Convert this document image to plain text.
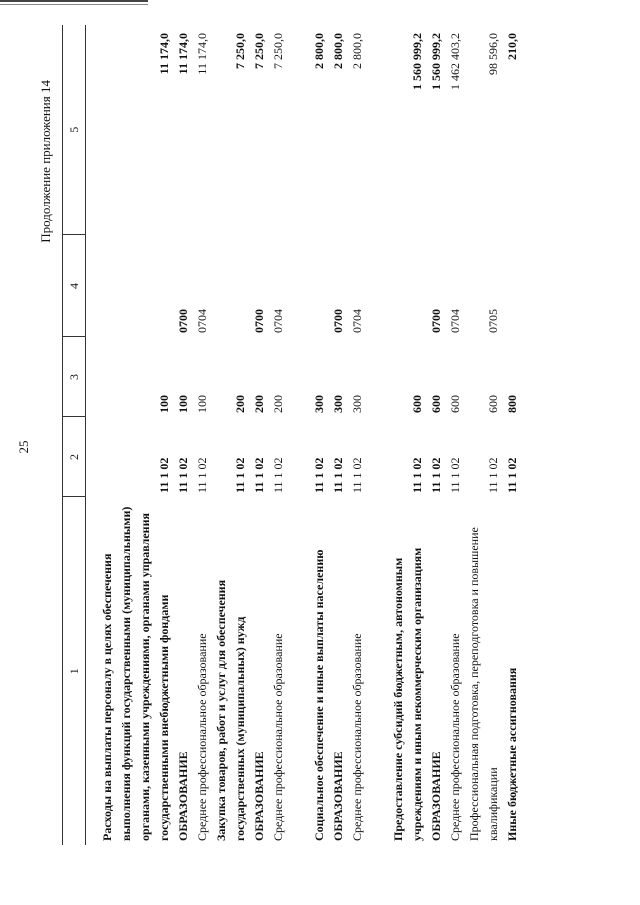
25
Продолжение приложения 14
1	2	3	4	5

Расходы на выплаты персоналу в целях обеспечения выполнения функций государственными (муниципальными) органами, казенными учреждениями, органами управления государственными внебюджетными фондами	11 1 02	100		11 174,0
ОБРАЗОВАНИЕ	11 1 02	100	0700	11 174,0
Среднее профессиональное образование	11 1 02	100	0704	11 174,0
Закупка товаров, работ и услуг для обеспечения государственных (муниципальных) нужд	11 1 02	200		7 250,0
ОБРАЗОВАНИЕ	11 1 02	200	0700	7 250,0
Среднее профессиональное образование	11 1 02	200	0704	7 250,0
Социальное обеспечение и иные выплаты населению	11 1 02	300		2 800,0
ОБРАЗОВАНИЕ	11 1 02	300	0700	2 800,0
Среднее профессиональное образование	11 1 02	300	0704	2 800,0
Предоставление субсидий бюджетным, автономным учреждениям и иным некоммерческим организациям	11 1 02	600		1 560 999,2
ОБРАЗОВАНИЕ	11 1 02	600	0700	1 560 999,2
Среднее профессиональное образование	11 1 02	600	0704	1 462 403,2
Профессиональная подготовка, переподготовка и повышение квалификации	11 1 02	600	0705	98 596,0
Иные бюджетные ассигнования	11 1 02	800		210,0
